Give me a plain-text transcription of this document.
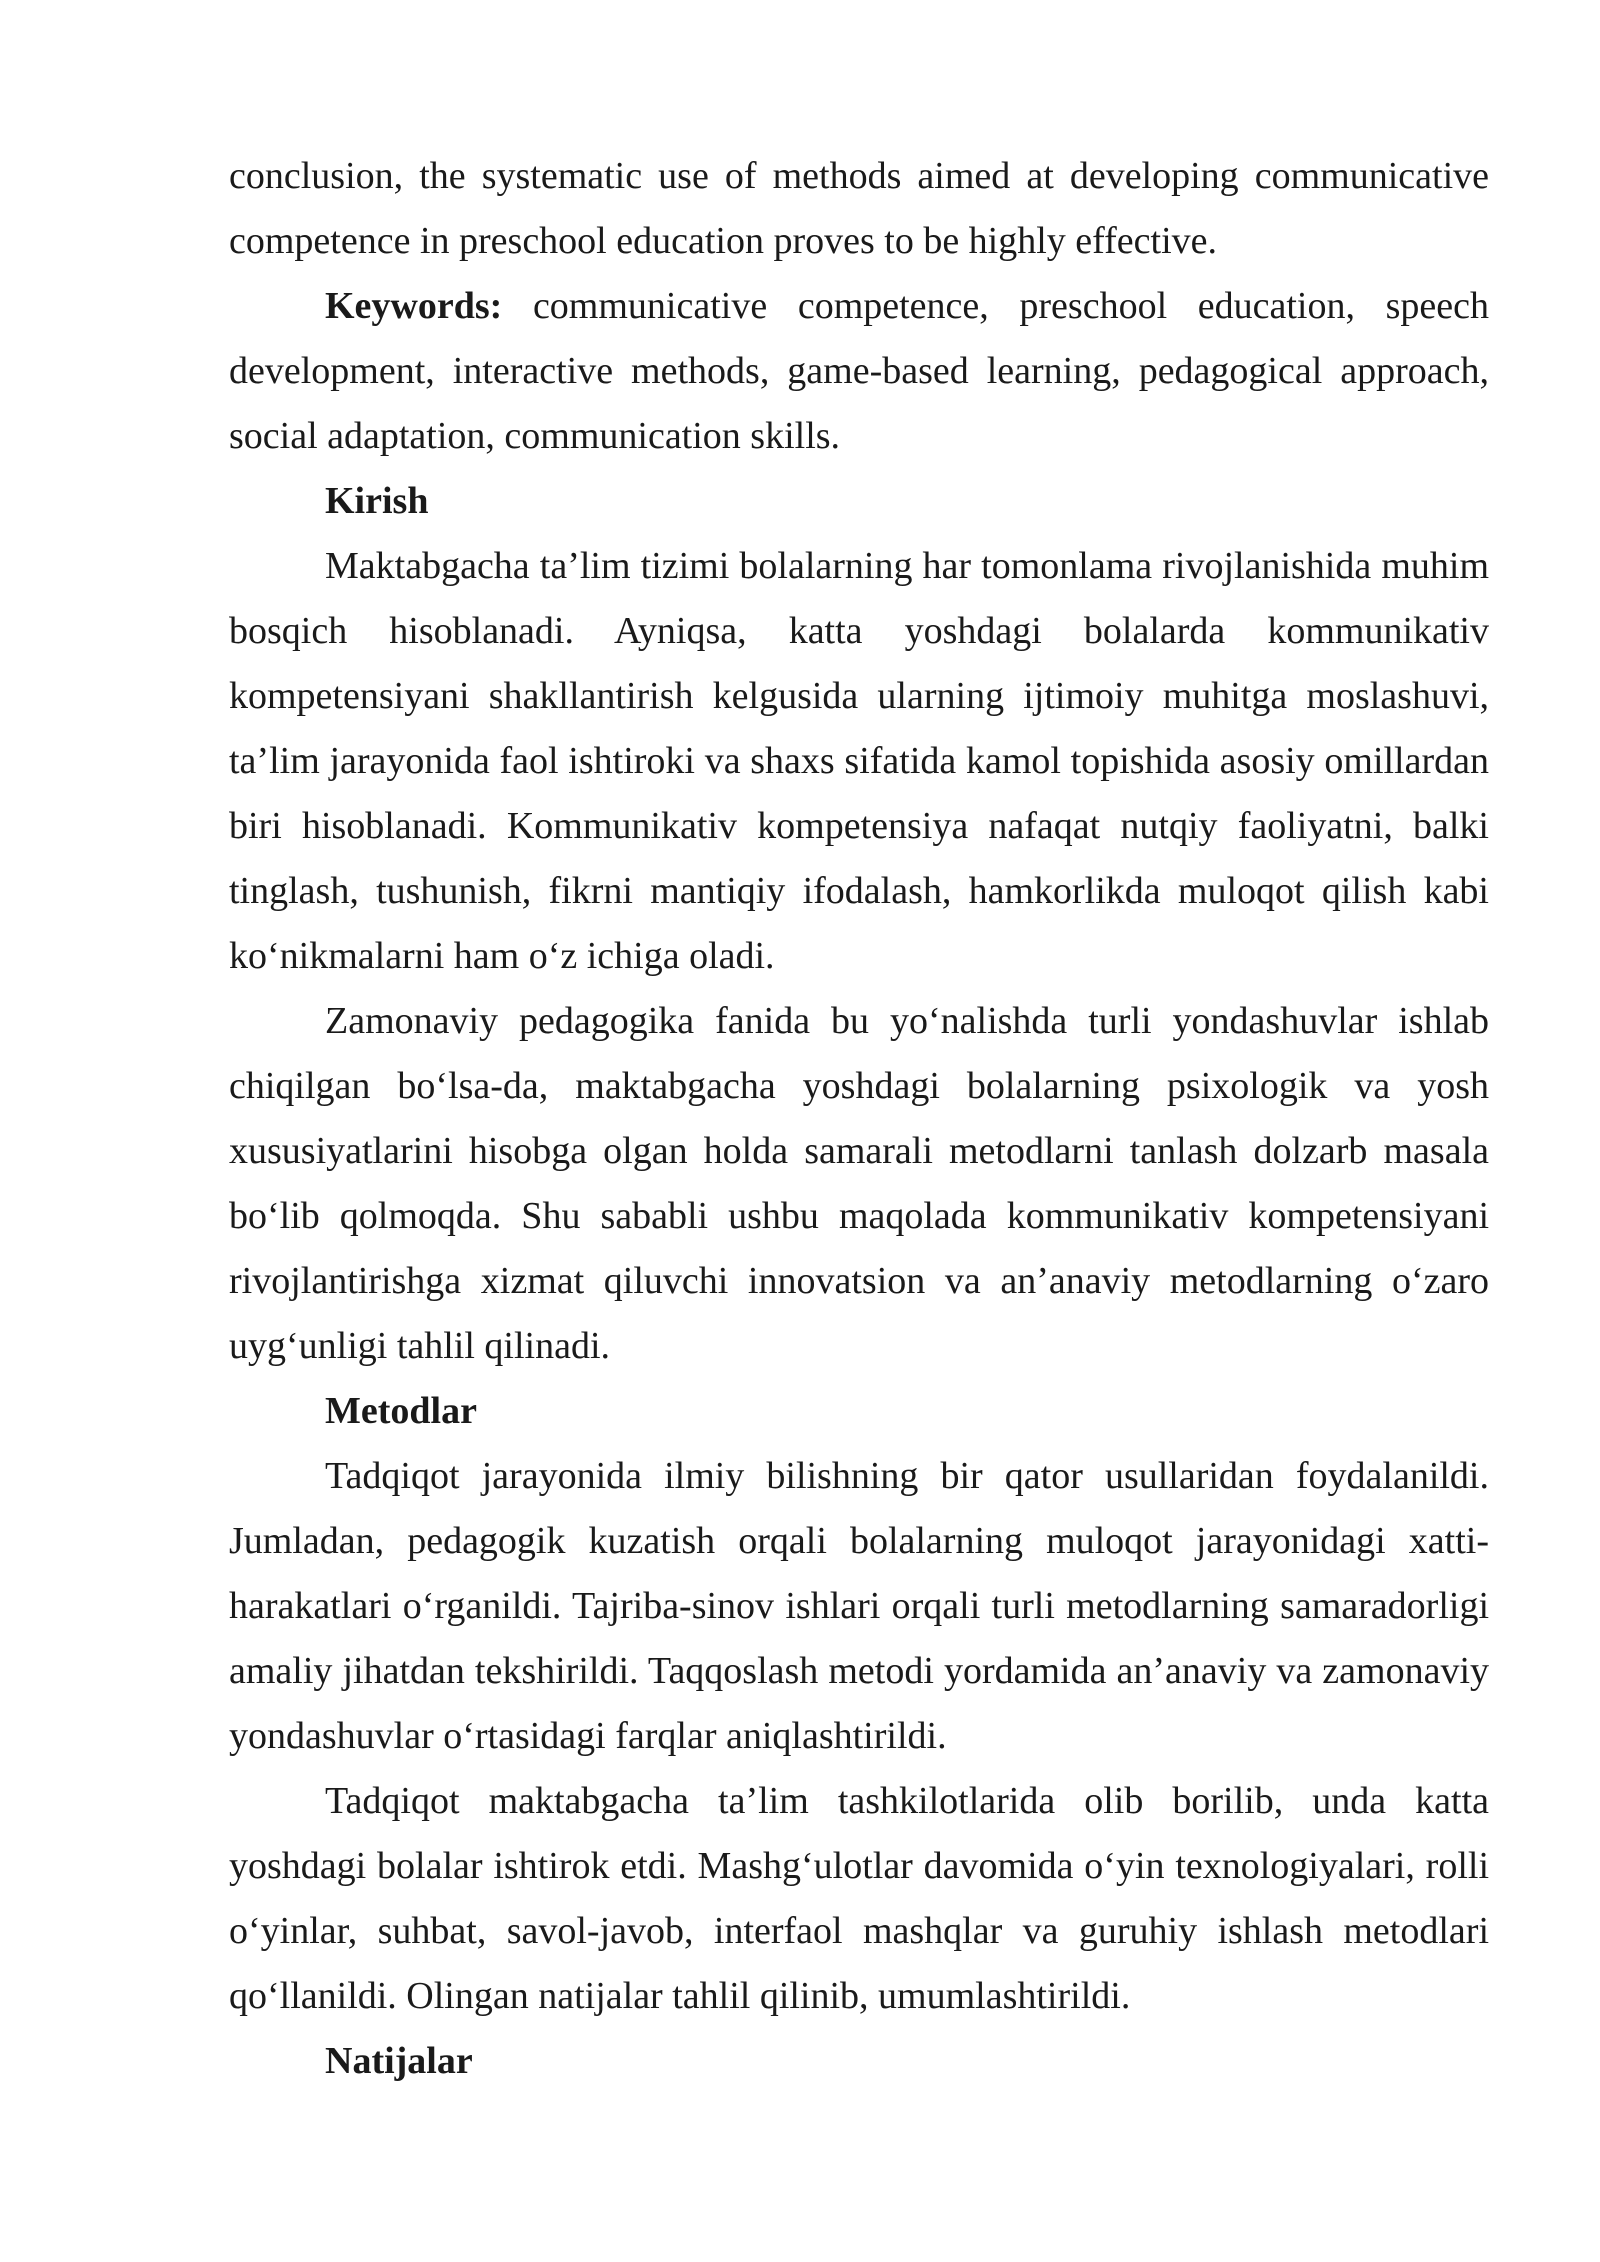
conclusion, the systematic use of methods aimed at developing communicative competence in preschool education proves to be highly effective.

Keywords: communicative competence, preschool education, speech development, interactive methods, game-based learning, pedagogical approach, social adaptation, communication skills.

Kirish

Maktabgacha ta’lim tizimi bolalarning har tomonlama rivojlanishida muhim bosqich hisoblanadi. Ayniqsa, katta yoshdagi bolalarda kommunikativ kompetensiyani shakllantirish kelgusida ularning ijtimoiy muhitga moslashuvi, ta’lim jarayonida faol ishtiroki va shaxs sifatida kamol topishida asosiy omillardan biri hisoblanadi. Kommunikativ kompetensiya nafaqat nutqiy faoliyatni, balki tinglash, tushunish, fikrni mantiqiy ifodalash, hamkorlikda muloqot qilish kabi ko‘nikmalarni ham o‘z ichiga oladi.

Zamonaviy pedagogika fanida bu yo‘nalishda turli yondashuvlar ishlab chiqilgan bo‘lsa-da, maktabgacha yoshdagi bolalarning psixologik va yosh xususiyatlarini hisobga olgan holda samarali metodlarni tanlash dolzarb masala bo‘lib qolmoqda. Shu sababli ushbu maqolada kommunikativ kompetensiyani rivojlantirishga xizmat qiluvchi innovatsion va an’anaviy metodlarning o‘zaro uyg‘unligi tahlil qilinadi.

Metodlar

Tadqiqot jarayonida ilmiy bilishning bir qator usullaridan foydalanildi. Jumladan, pedagogik kuzatish orqali bolalarning muloqot jarayonidagi xatti-harakatlari o‘rganildi. Tajriba-sinov ishlari orqali turli metodlarning samaradorligi amaliy jihatdan tekshirildi. Taqqoslash metodi yordamida an’anaviy va zamonaviy yondashuvlar o‘rtasidagi farqlar aniqlashtirildi.

Tadqiqot maktabgacha ta’lim tashkilotlarida olib borilib, unda katta yoshdagi bolalar ishtirok etdi. Mashg‘ulotlar davomida o‘yin texnologiyalari, rolli o‘yinlar, suhbat, savol-javob, interfaol mashqlar va guruhiy ishlash metodlari qo‘llanildi. Olingan natijalar tahlil qilinib, umumlashtirildi.

Natijalar
